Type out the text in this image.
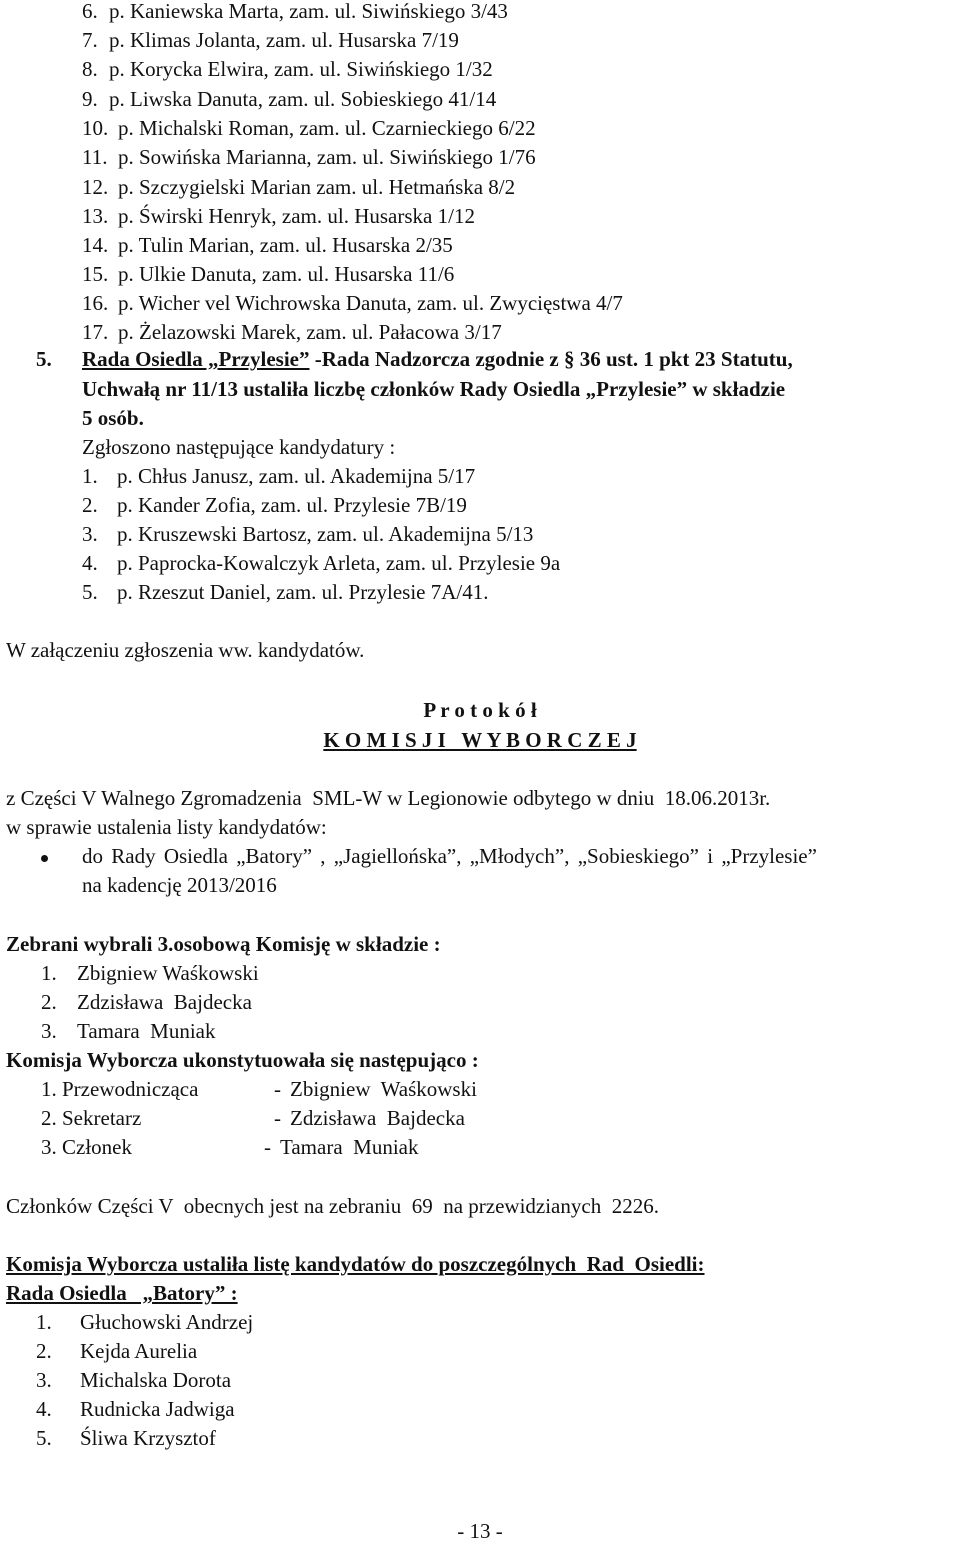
6. p. Kaniewska Marta, zam. ul. Siwińskiego 3/43
7. p. Klimas Jolanta, zam. ul. Husarska 7/19
8. p. Korycka Elwira, zam. ul. Siwińskiego 1/32
9. p. Liwska Danuta, zam. ul. Sobieskiego 41/14
10. p. Michalski Roman, zam. ul. Czarnieckiego 6/22
11. p. Sowińska Marianna, zam. ul. Siwińskiego 1/76
12. p. Szczygielski Marian zam. ul. Hetmańska 8/2
13. p. Świrski Henryk, zam. ul. Husarska 1/12
14. p. Tulin Marian, zam. ul. Husarska 2/35
15. p. Ulkie Danuta, zam. ul. Husarska 11/6
16. p. Wicher vel Wichrowska Danuta, zam. ul. Zwycięstwa 4/7
17. p. Żelazowski Marek, zam. ul. Pałacowa 3/17
5. Rada Osiedla „Przylesie” -Rada Nadzorcza zgodnie z § 36 ust. 1 pkt 23 Statutu,
Uchwałą nr 11/13 ustaliła liczbę członków Rady Osiedla „Przylesie” w składzie
5 osób.
Zgłoszono następujące kandydatury :
1. p. Chłus Janusz, zam. ul. Akademijna 5/17
2. p. Kander Zofia, zam. ul. Przylesie 7B/19
3. p. Kruszewski Bartosz, zam. ul. Akademijna 5/13
4. p. Paprocka-Kowalczyk Arleta, zam. ul. Przylesie 9a
5. p. Rzeszut Daniel, zam. ul. Przylesie 7A/41.
W załączeniu zgłoszenia ww. kandydatów.
P r o t o k ó ł
K O M I S J I   W Y B O R C Z E J
z Części V Walnego Zgromadzenia  SML-W w Legionowie odbytego w dniu  18.06.2013r.
w sprawie ustalenia listy kandydatów:
do Rady Osiedla „Batory” , „Jagiellońska”, „Młodych”, „Sobieskiego” i „Przylesie”
na kadencję 2013/2016
Zebrani wybrali 3.osobową Komisję w składzie :
1. Zbigniew Waśkowski
2. Zdzisława  Bajdecka
3. Tamara  Muniak
Komisja Wyborcza ukonstytuowała się następująco :
1. Przewodnicząca	- Zbigniew  Waśkowski
2. Sekretarz	- Zdzisława  Bajdecka
3. Członek	- Tamara  Muniak
Członków Części V  obecnych jest na zebraniu  69  na przewidzianych  2226.
Komisja Wyborcza ustaliła listę kandydatów do poszczególnych  Rad  Osiedli:
Rada Osiedla   „Batory” :
1. Głuchowski Andrzej
2. Kejda Aurelia
3. Michalska Dorota
4. Rudnicka Jadwiga
5. Śliwa Krzysztof
- 13 -
